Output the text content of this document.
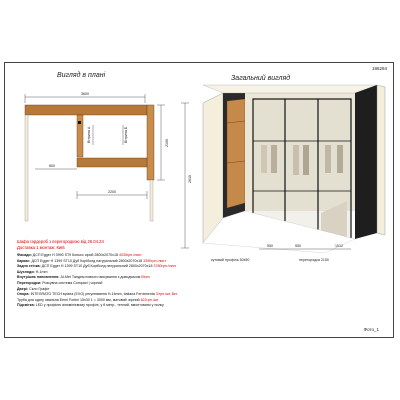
186294
Вигляд в плані	Загальний вигляд
3600
Вітрина А	Вітрина Б	2100
800
2200
2610
550	550	1012
кутовий профіль 50х50	перегородка 2150
Шафа гардероб з перегородкою від 26.04.24
Доставка 1 монтаж: Київ
Фасади: ДСП Egger H 3990 ST9 Кольєс сірий 2800х2070х18 4035грн./лист
Каркас: ДСП Egger H 1399 ST10 Дуб Коріболд натуральний 2800х2070х18 3390грн./лист
Задня стінка: ДСП Egger H 1399 ST10 Дуб Коріболд натуральний 2800х2070х18 3780грн./лист
Шухляди: Н-1mm
Внутрішнє наповнення: Al-Met Тандем повного висування з доводчиком Blum
Перегородки: Розсувна система Compact | чорний
Двері: Скло Графіт
Опора: INTEGRATO TECH врізна (EXO) регулювання H-16mm, Italiana Ferramenta 3/грн./шт Bкт.
Труба для одягу овальна Eemi Fortini 15x30 1 = 3000 мм, матовий чорний 622грн./шт
Підсвітка: LED у профілю алюмінієвому профілі, у 6 метр., теплий, вмонтовано у полку
Фото_1
